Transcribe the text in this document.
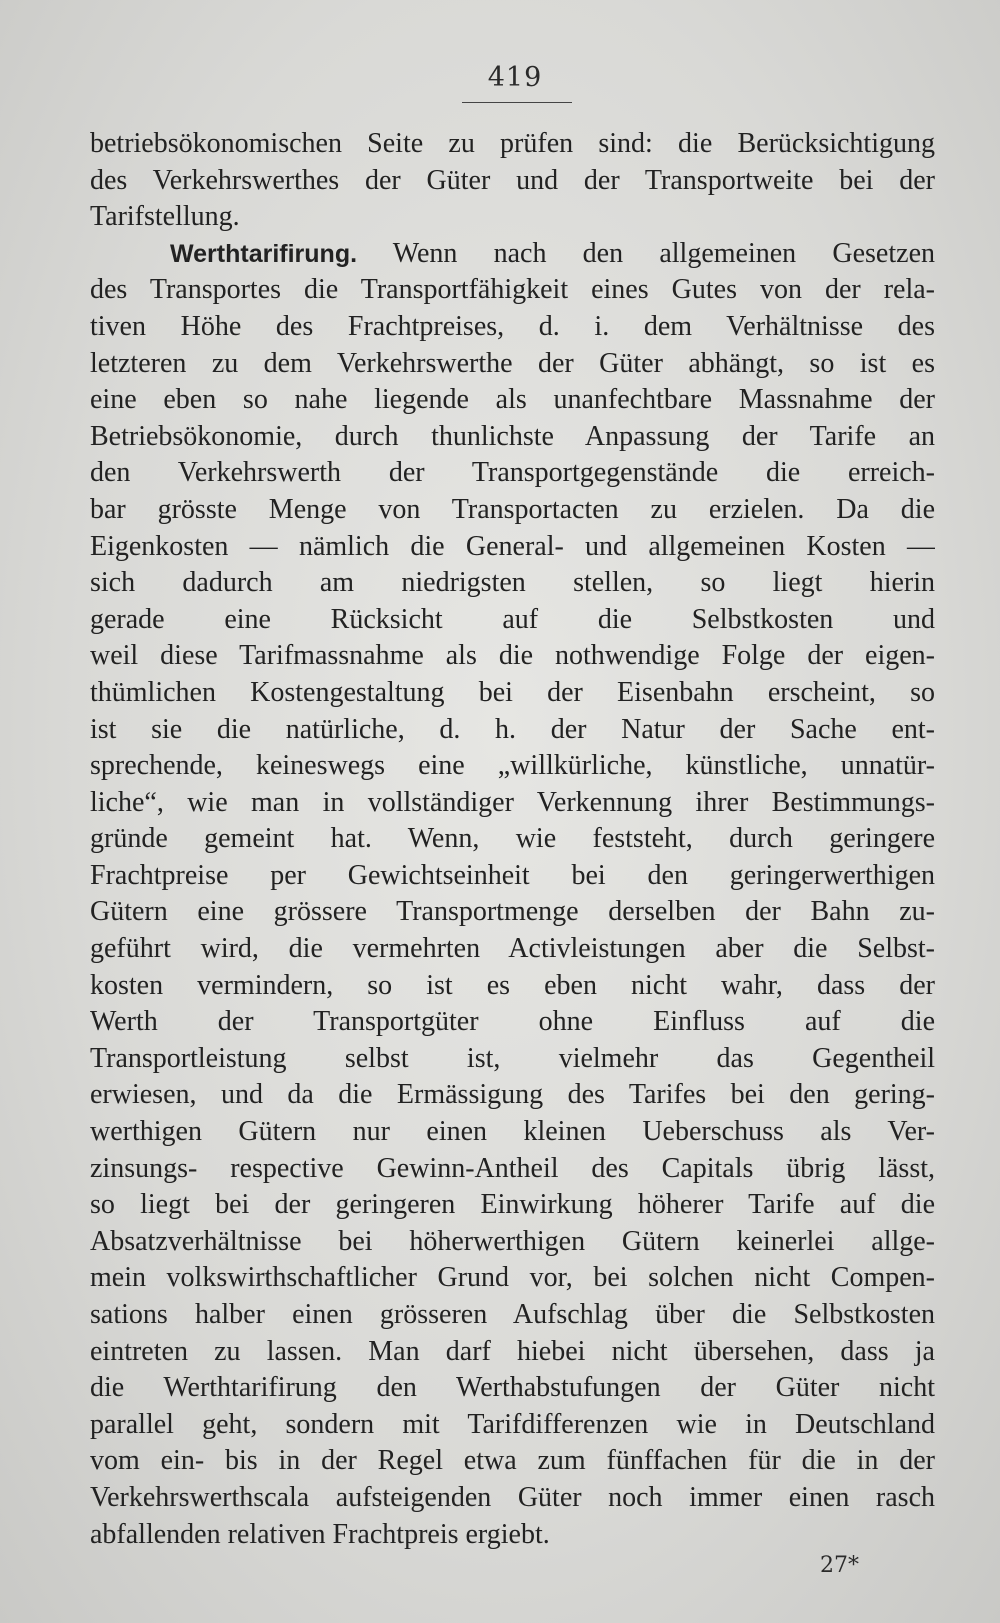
419
betriebsökonomischen Seite zu prüfen sind: die Berücksichtigung
des Verkehrswerthes der Güter und der Transportweite bei der
Tarifstellung.
Werthtarifirung. Wenn nach den allgemeinen Gesetzen
des Transportes die Transportfähigkeit eines Gutes von der rela-
tiven Höhe des Frachtpreises, d. i. dem Verhältnisse des
letzteren zu dem Verkehrswerthe der Güter abhängt, so ist es
eine eben so nahe liegende als unanfechtbare Massnahme der
Betriebsökonomie, durch thunlichste Anpassung der Tarife an
den Verkehrswerth der Transportgegenstände die erreich-
bar grösste Menge von Transportacten zu erzielen. Da die
Eigenkosten — nämlich die General- und allgemeinen Kosten —
sich dadurch am niedrigsten stellen, so liegt hierin
gerade eine Rücksicht auf die Selbstkosten und
weil diese Tarifmassnahme als die nothwendige Folge der eigen-
thümlichen Kostengestaltung bei der Eisenbahn erscheint, so
ist sie die natürliche, d. h. der Natur der Sache ent-
sprechende, keineswegs eine „willkürliche, künstliche, unnatür-
liche“, wie man in vollständiger Verkennung ihrer Bestimmungs-
gründe gemeint hat. Wenn, wie feststeht, durch geringere
Frachtpreise per Gewichtseinheit bei den geringerwerthigen
Gütern eine grössere Transportmenge derselben der Bahn zu-
geführt wird, die vermehrten Activleistungen aber die Selbst-
kosten vermindern, so ist es eben nicht wahr, dass der
Werth der Transportgüter ohne Einfluss auf die
Transportleistung selbst ist, vielmehr das Gegentheil
erwiesen, und da die Ermässigung des Tarifes bei den gering-
werthigen Gütern nur einen kleinen Ueberschuss als Ver-
zinsungs- respective Gewinn-Antheil des Capitals übrig lässt,
so liegt bei der geringeren Einwirkung höherer Tarife auf die
Absatzverhältnisse bei höherwerthigen Gütern keinerlei allge-
mein volkswirthschaftlicher Grund vor, bei solchen nicht Compen-
sations halber einen grösseren Aufschlag über die Selbstkosten
eintreten zu lassen. Man darf hiebei nicht übersehen, dass ja
die Werthtarifirung den Werthabstufungen der Güter nicht
parallel geht, sondern mit Tarifdifferenzen wie in Deutschland
vom ein- bis in der Regel etwa zum fünffachen für die in der
Verkehrswerthscala aufsteigenden Güter noch immer einen rasch
abfallenden relativen Frachtpreis ergiebt.
27*
